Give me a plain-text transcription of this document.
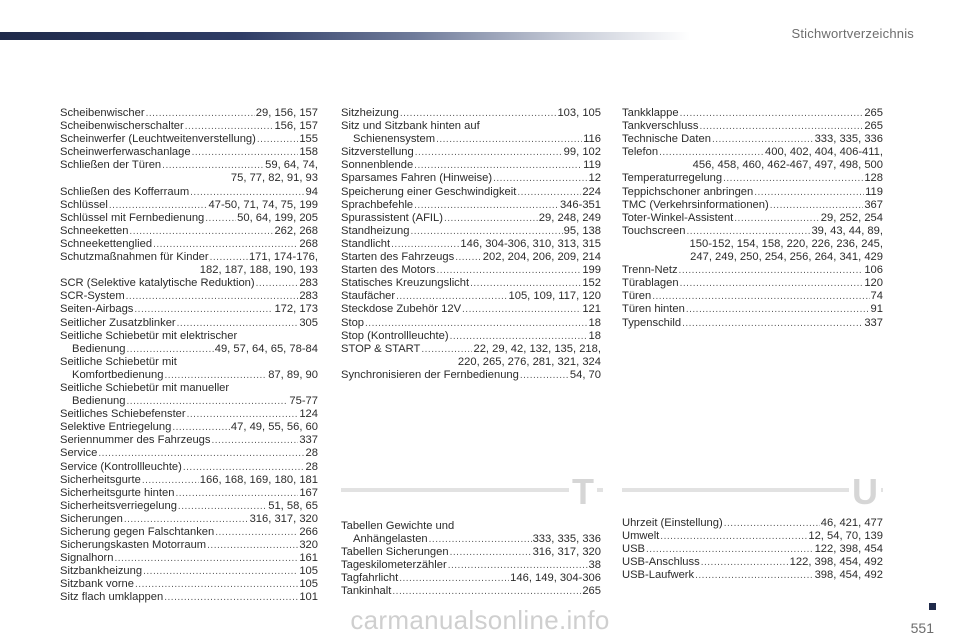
Stichwortverzeichnis
Scheibenwischer .....	29, 156, 157
Scheibenwischerschalter .....	156, 157
Scheinwerfer (Leuchtweitenverstellung) .....	155
Scheinwerferwaschanlage .....	158
Schließen der Türen .....	59, 64, 74,
75, 77, 82, 91, 93
Schließen des Kofferraum .....	94
Schlüssel .....	47-50, 71, 74, 75, 199
Schlüssel mit Fernbedienung .....	50, 64, 199, 205
Schneeketten .....	262, 268
Schneekettenglied .....	268
Schutzmaßnahmen für Kinder .....	171, 174-176,
182, 187, 188, 190, 193
SCR (Selektive katalytische Reduktion) .....	283
SCR-System .....	283
Seiten-Airbags .....	172, 173
Seitlicher Zusatzblinker .....	305
Seitliche Schiebetür mit elektrischer
Bedienung .....	49, 57, 64, 65, 78-84
Seitliche Schiebetür mit
Komfortbedienung .....	87, 89, 90
Seitliche Schiebetür mit manueller
Bedienung .....	75-77
Seitliches Schiebefenster .....	124
Selektive Entriegelung .....	47, 49, 55, 56, 60
Seriennummer des Fahrzeugs .....	337
Service .....	28
Service (Kontrollleuchte) .....	28
Sicherheitsgurte .....	166, 168, 169, 180, 181
Sicherheitsgurte hinten .....	167
Sicherheitsverriegelung .....	51, 58, 65
Sicherungen .....	316, 317, 320
Sicherung gegen Falschtanken .....	266
Sicherungskasten Motorraum .....	320
Signalhorn .....	161
Sitzbankheizung .....	105
Sitzbank vorne .....	105
Sitz flach umklappen .....	101
Sitzheizung .....	103, 105
Sitz und Sitzbank hinten auf
Schienensystem .....	116
Sitzverstellung .....	99, 102
Sonnenblende .....	119
Sparsames Fahren (Hinweise) .....	12
Speicherung einer Geschwindigkeit .....	224
Sprachbefehle .....	346-351
Spurassistent (AFIL) .....	29, 248, 249
Standheizung .....	95, 138
Standlicht .....	146, 304-306, 310, 313, 315
Starten des Fahrzeugs .....	202, 204, 206, 209, 214
Starten des Motors .....	199
Statisches Kreuzungslicht .....	152
Staufächer .....	105, 109, 117, 120
Steckdose Zubehör 12V .....	121
Stop .....	18
Stop (Kontrollleuchte) .....	18
STOP & START .....	22, 29, 42, 132, 135, 218,
220, 265, 276, 281, 321, 324
Synchronisieren der Fernbedienung .....	54, 70
Tabellen Gewichte und
Anhängelasten .....	333, 335, 336
Tabellen Sicherungen .....	316, 317, 320
Tageskilometerzähler .....	38
Tagfahrlicht .....	146, 149, 304-306
Tankinhalt .....	265
Tankklappe .....	265
Tankverschluss .....	265
Technische Daten .....	333, 335, 336
Telefon .....	400, 402, 404, 406-411,
456, 458, 460, 462-467, 497, 498, 500
Temperaturregelung .....	128
Teppichschoner anbringen .....	119
TMC (Verkehrsinformationen) .....	367
Toter-Winkel-Assistent .....	29, 252, 254
Touchscreen .....	39, 43, 44, 89,
150-152, 154, 158, 220, 226, 236, 245,
247, 249, 250, 254, 256, 264, 341, 429
Trenn-Netz .....	106
Türablagen .....	120
Türen .....	74
Türen hinten .....	91
Typenschild .....	337
Uhrzeit (Einstellung) .....	46, 421, 477
Umwelt .....	12, 54, 70, 139
USB .....	122, 398, 454
USB-Anschluss .....	122, 398, 454, 492
USB-Laufwerk .....	398, 454, 492
T	U
551
carmanualsonline.info
